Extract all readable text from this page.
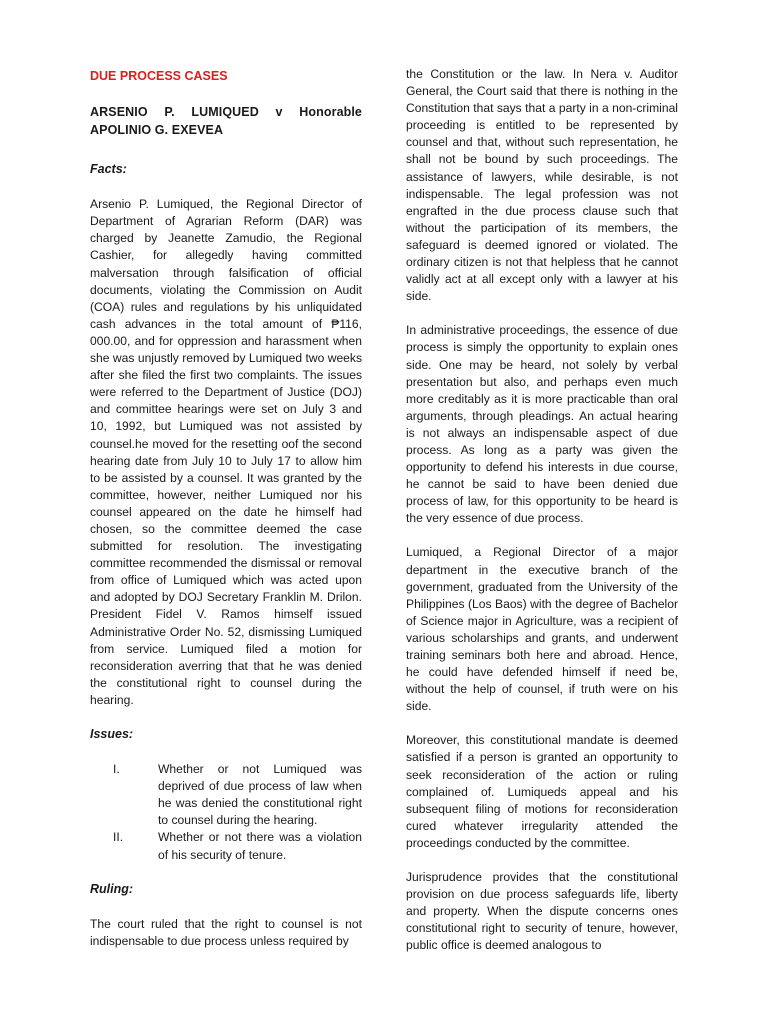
DUE PROCESS CASES

ARSENIO P. LUMIQUED v Honorable APOLINIO G. EXEVEA

Facts:

Arsenio P. Lumiqued, the Regional Director of Department of Agrarian Reform (DAR) was charged by Jeanette Zamudio, the Regional Cashier, for allegedly having committed malversation through falsification of official documents, violating the Commission on Audit (COA) rules and regulations by his unliquidated cash advances in the total amount of ₱116, 000.00, and for oppression and harassment when she was unjustly removed by Lumiqued two weeks after she filed the first two complaints. The issues were referred to the Department of Justice (DOJ) and committee hearings were set on July 3 and 10, 1992, but Lumiqued was not assisted by counsel.he moved for the resetting oof the second hearing date from July 10 to July 17 to allow him to be assisted by a counsel. It was granted by the committee, however, neither Lumiqued nor his counsel appeared on the date he himself had chosen, so the committee deemed the case submitted for resolution. The investigating committee recommended the dismissal or removal from office of Lumiqued which was acted upon and adopted by DOJ Secretary Franklin M. Drilon. President Fidel V. Ramos himself issued Administrative Order No. 52, dismissing Lumiqued from service. Lumiqued filed a motion for reconsideration averring that that he was denied the constitutional right to counsel during the hearing.

Issues:

I.	Whether or not Lumiqued was deprived of due process of law when he was denied the constitutional right to counsel during the hearing.
II.	Whether or not there was a violation of his security of tenure.

Ruling:

The court ruled that the right to counsel is not indispensable to due process unless required by

the Constitution or the law. In Nera v. Auditor General, the Court said that there is nothing in the Constitution that says that a party in a non-criminal proceeding is entitled to be represented by counsel and that, without such representation, he shall not be bound by such proceedings. The assistance of lawyers, while desirable, is not indispensable. The legal profession was not engrafted in the due process clause such that without the participation of its members, the safeguard is deemed ignored or violated. The ordinary citizen is not that helpless that he cannot validly act at all except only with a lawyer at his side.

In administrative proceedings, the essence of due process is simply the opportunity to explain ones side. One may be heard, not solely by verbal presentation but also, and perhaps even much more creditably as it is more practicable than oral arguments, through pleadings. An actual hearing is not always an indispensable aspect of due process. As long as a party was given the opportunity to defend his interests in due course, he cannot be said to have been denied due process of law, for this opportunity to be heard is the very essence of due process.

Lumiqued, a Regional Director of a major department in the executive branch of the government, graduated from the University of the Philippines (Los Baos) with the degree of Bachelor of Science major in Agriculture, was a recipient of various scholarships and grants, and underwent training seminars both here and abroad. Hence, he could have defended himself if need be, without the help of counsel, if truth were on his side.

Moreover, this constitutional mandate is deemed satisfied if a person is granted an opportunity to seek reconsideration of the action or ruling complained of. Lumiqueds appeal and his subsequent filing of motions for reconsideration cured whatever irregularity attended the proceedings conducted by the committee.

Jurisprudence provides that the constitutional provision on due process safeguards life, liberty and property. When the dispute concerns ones constitutional right to security of tenure, however, public office is deemed analogous to
